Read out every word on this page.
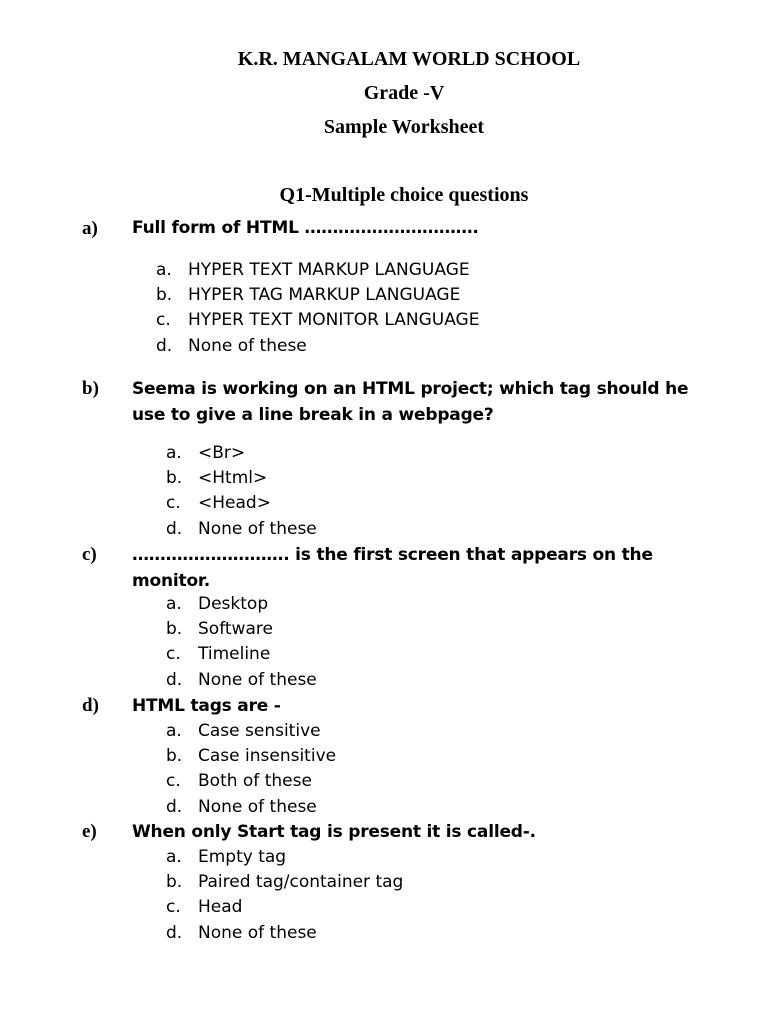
K.R. MANGALAM WORLD SCHOOL
Grade -V
Sample Worksheet
Q1-Multiple choice questions
a) Full form of HTML ………………………….
a. HYPER TEXT MARKUP LANGUAGE
b. HYPER TAG MARKUP LANGUAGE
c. HYPER TEXT MONITOR LANGUAGE
d. None of these
b) Seema is working on an HTML project; which tag should he
use to give a line break in a webpage?
a. <Br>
b. <Html>
c. <Head>
d. None of these
c) ………………………. is the first screen that appears on the
monitor.
a. Desktop
b. Software
c. Timeline
d. None of these
d) HTML tags are -
a. Case sensitive
b. Case insensitive
c. Both of these
d. None of these
e) When only Start tag is present it is called-.
a. Empty tag
b. Paired tag/container tag
c. Head
d. None of these
